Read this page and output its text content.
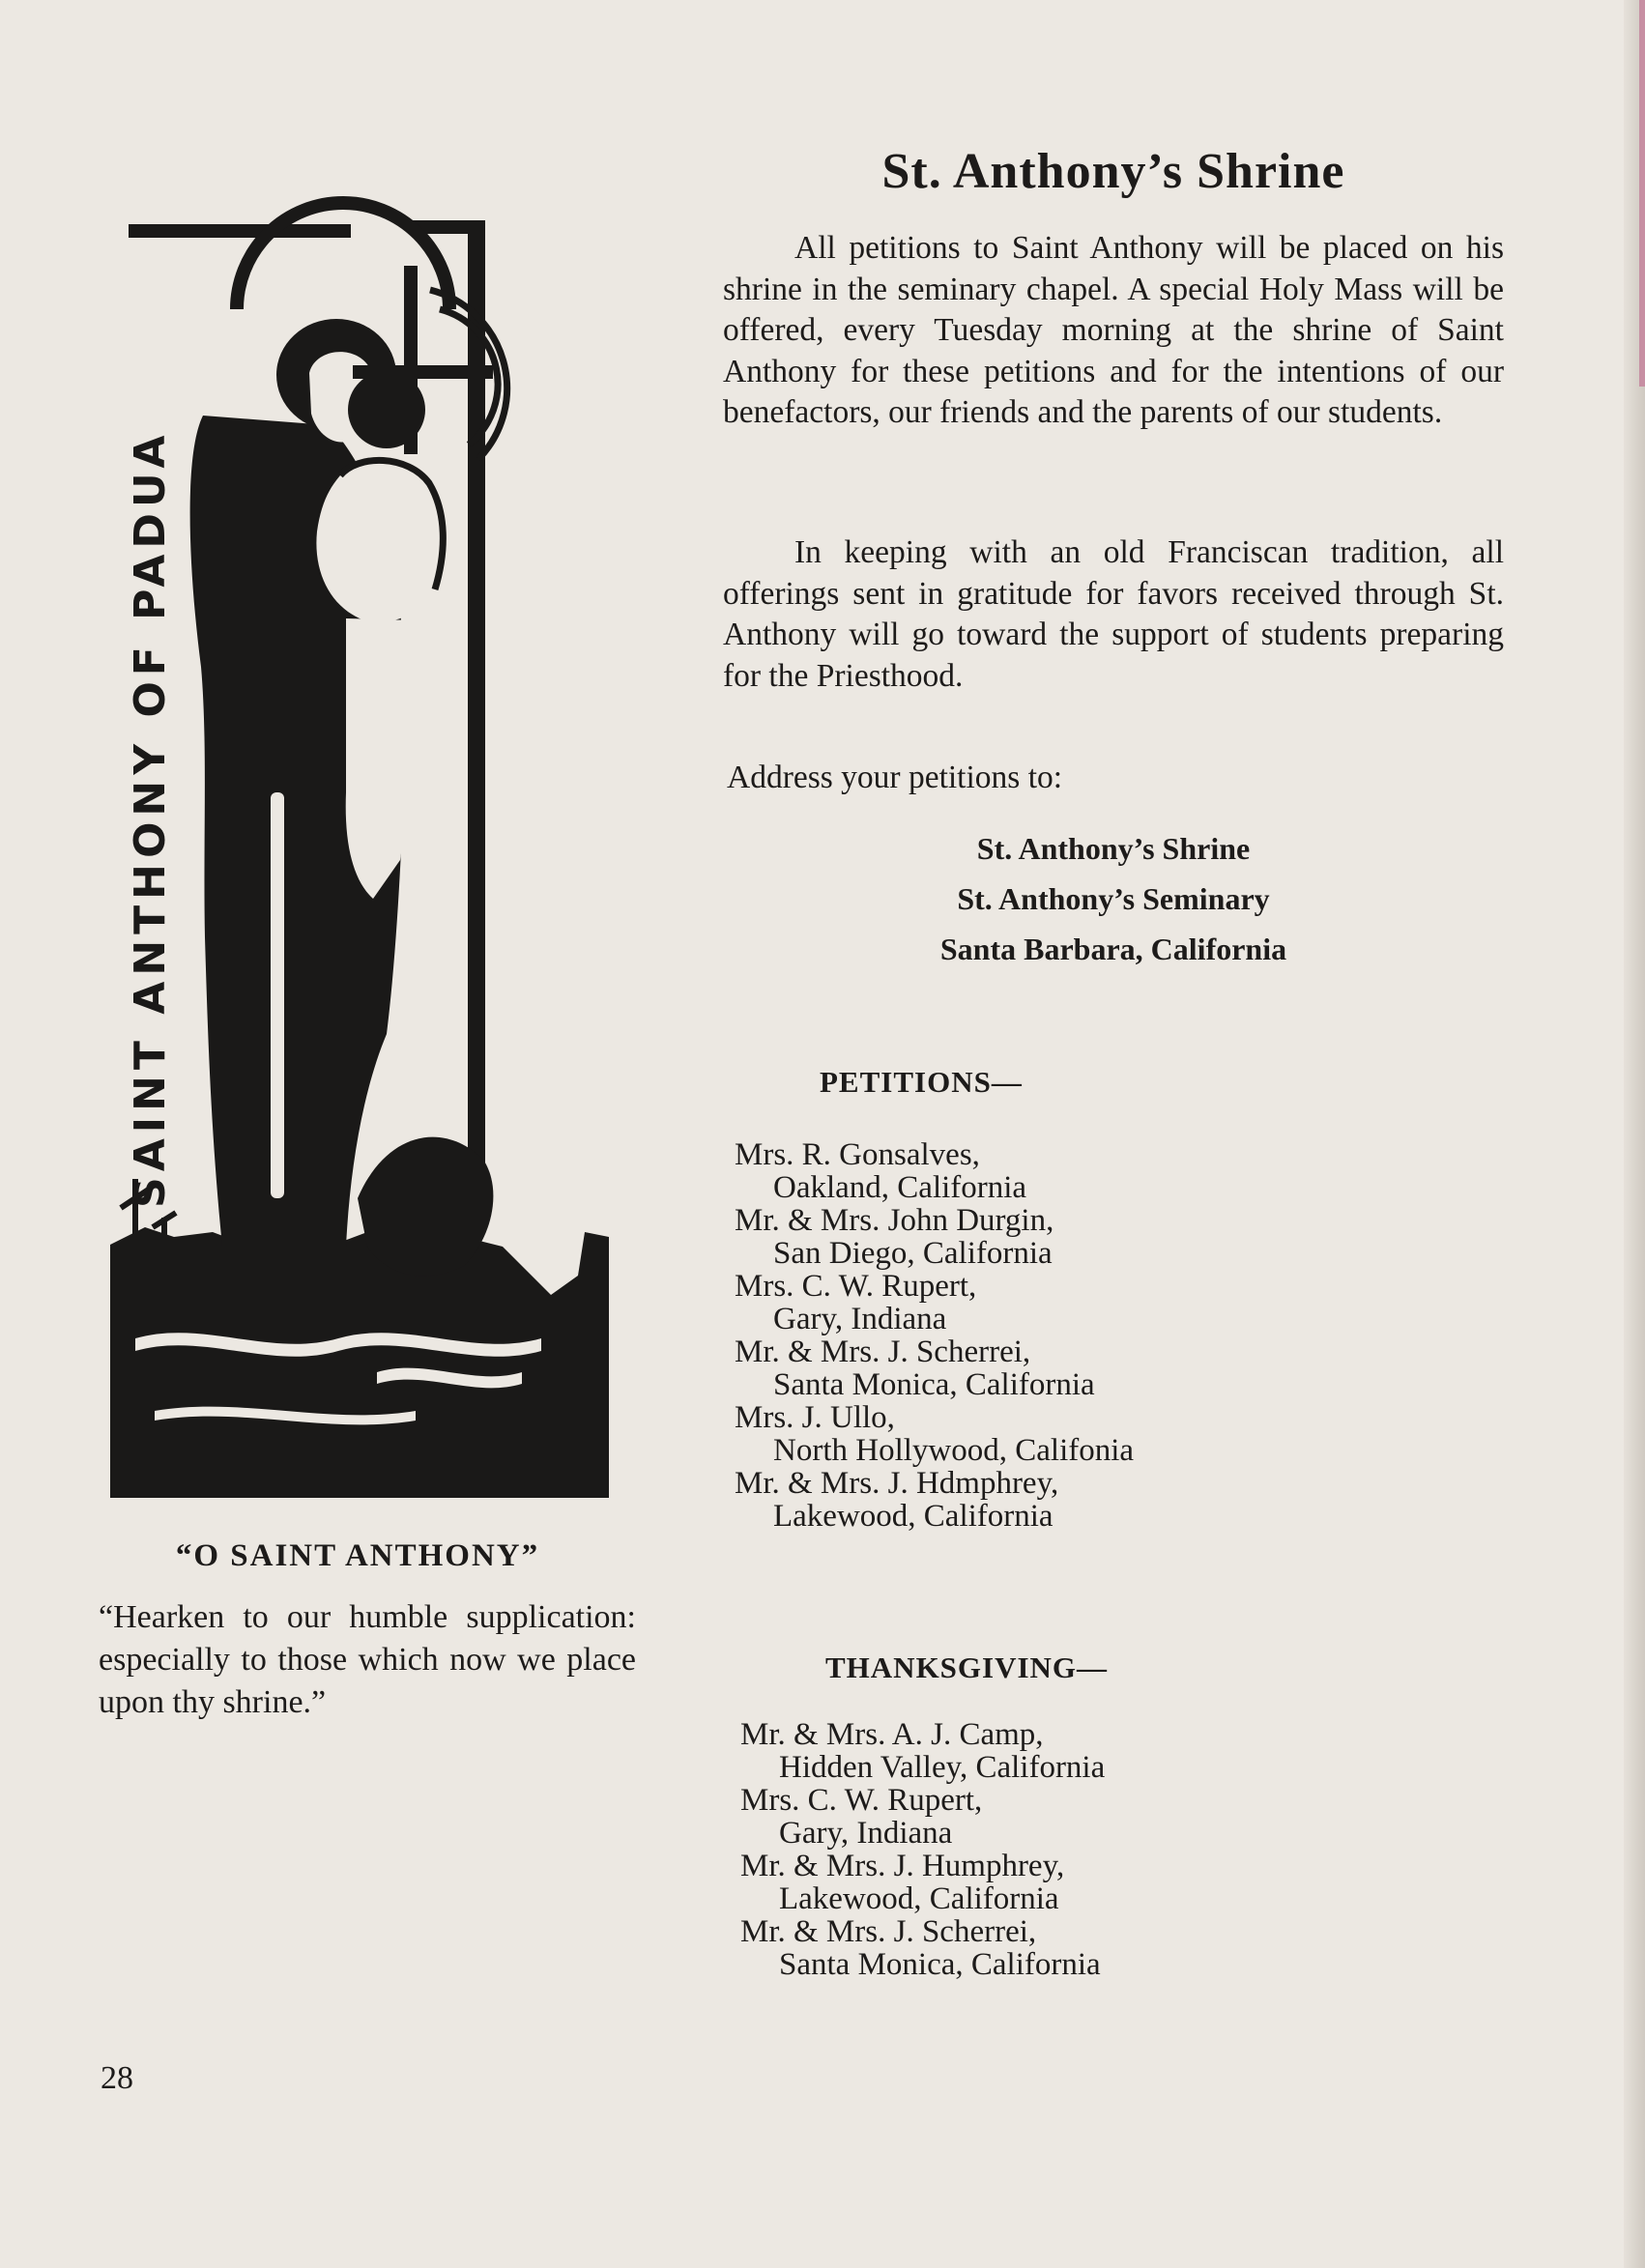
SAINT ANTHONY OF PADUA
“O SAINT ANTHONY”
“Hearken to our humble supplication: especially to those which now we place upon thy shrine.”
28
St. Anthony’s Shrine

All petitions to Saint Anthony will be placed on his shrine in the seminary chapel. A special Holy Mass will be offered, every Tuesday morning at the shrine of Saint Anthony for these petitions and for the intentions of our benefactors, our friends and the parents of our students.

In keeping with an old Franciscan tradition, all offerings sent in gratitude for favors received through St. Anthony will go toward the support of students preparing for the Priesthood.

Address your petitions to:
St. Anthony’s Shrine
St. Anthony’s Seminary
Santa Barbara, California
PETITIONS—
Mrs. R. Gonsalves,
Oakland, California
Mr. & Mrs. John Durgin,
San Diego, California
Mrs. C. W. Rupert,
Gary, Indiana
Mr. & Mrs. J. Scherrei,
Santa Monica, California
Mrs. J. Ullo,
North Hollywood, Califonia
Mr. & Mrs. J. Hdmphrey,
Lakewood, California
THANKSGIVING—
Mr. & Mrs. A. J. Camp,
Hidden Valley, California
Mrs. C. W. Rupert,
Gary, Indiana
Mr. & Mrs. J. Humphrey,
Lakewood, California
Mr. & Mrs. J. Scherrei,
Santa Monica, California
